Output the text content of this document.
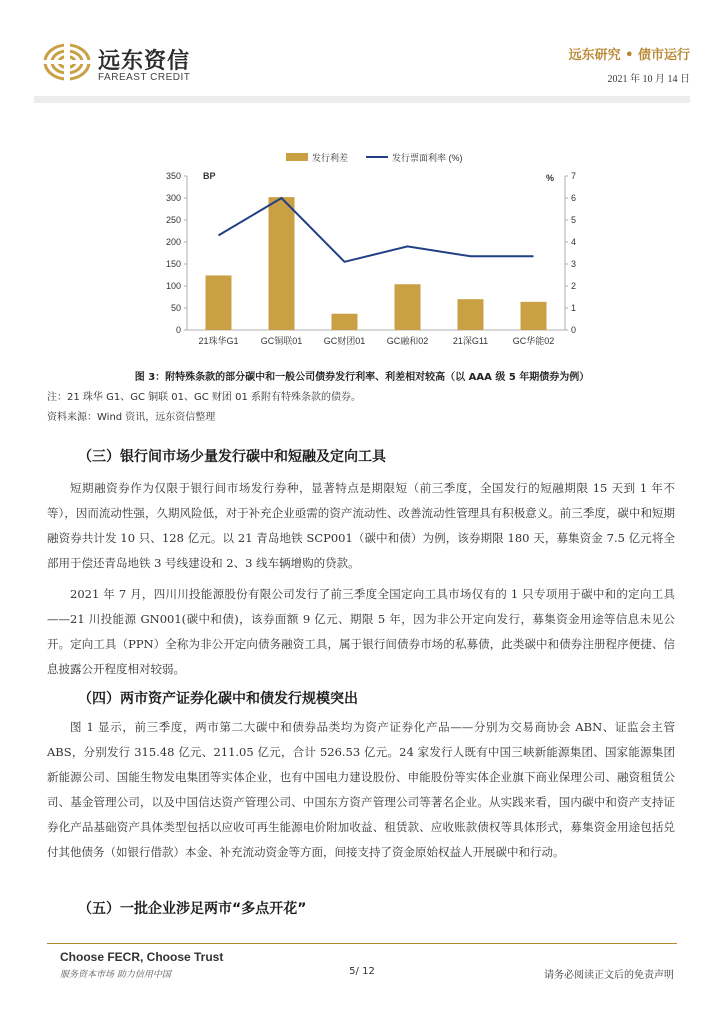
远东资信
FAREAST CREDIT
远东研究 • 债市运行
2021 年 10 月 14 日
发行利差	发行票面利率 (%)
BP	%
0
50
100
150
200
250
300
350
0
1
2
3
4
5
6
7
21珠华G1 GC铜联01 GC财团01 GC融和02	21深G11	GC华能02
图 3：附特殊条款的部分碳中和一般公司债券发行利率、利差相对较高（以 AAA 级 5 年期债券为例）
注：21 珠华 G1、GC 铜联 01、GC 财团 01 系附有特殊条款的债券。
资料来源：Wind 资讯，远东资信整理
（三）银行间市场少量发行碳中和短融及定向工具

短期融资券作为仅限于银行间市场发行券种，显著特点是期限短（前三季度，全国发行的短融期限 15 天到 1 年不等），因而流动性强，久期风险低，对于补充企业亟需的资产流动性、改善流动性管理具有积极意义。前三季度，碳中和短期融资券共计发 10 只、128 亿元。以 21 青岛地铁 SCP001（碳中和债）为例，该券期限 180 天，募集资金 7.5 亿元将全部用于偿还青岛地铁 3 号线建设和 2、3 线车辆增购的贷款。

2021 年 7 月，四川川投能源股份有限公司发行了前三季度全国定向工具市场仅有的 1 只专项用于碳中和的定向工具——21 川投能源 GN001(碳中和债)，该券面额 9 亿元、期限 5 年，因为非公开定向发行，募集资金用途等信息未见公开。定向工具（PPN）全称为非公开定向债务融资工具，属于银行间债券市场的私募债，此类碳中和债券注册程序便捷、信息披露公开程度相对较弱。

（四）两市资产证券化碳中和债发行规模突出

图 1 显示，前三季度，两市第二大碳中和债券品类均为资产证券化产品——分别为交易商协会 ABN、证监会主管 ABS，分别发行 315.48 亿元、211.05 亿元，合计 526.53 亿元。24 家发行人既有中国三峡新能源集团、国家能源集团新能源公司、国能生物发电集团等实体企业，也有中国电力建设股份、申能股份等实体企业旗下商业保理公司、融资租赁公司、基金管理公司，以及中国信达资产管理公司、中国东方资产管理公司等著名企业。从实践来看，国内碳中和资产支持证券化产品基础资产具体类型包括以应收可再生能源电价附加收益、租赁款、应收账款债权等具体形式，募集资金用途包括兑付其他债务（如银行借款）本金、补充流动资金等方面，间接支持了资金原始权益人开展碳中和行动。

（五）一批企业涉足两市“多点开花”
Choose FECR, Choose Trust
服务资本市场 助力信用中国	5/ 12	请务必阅读正文后的免责声明
